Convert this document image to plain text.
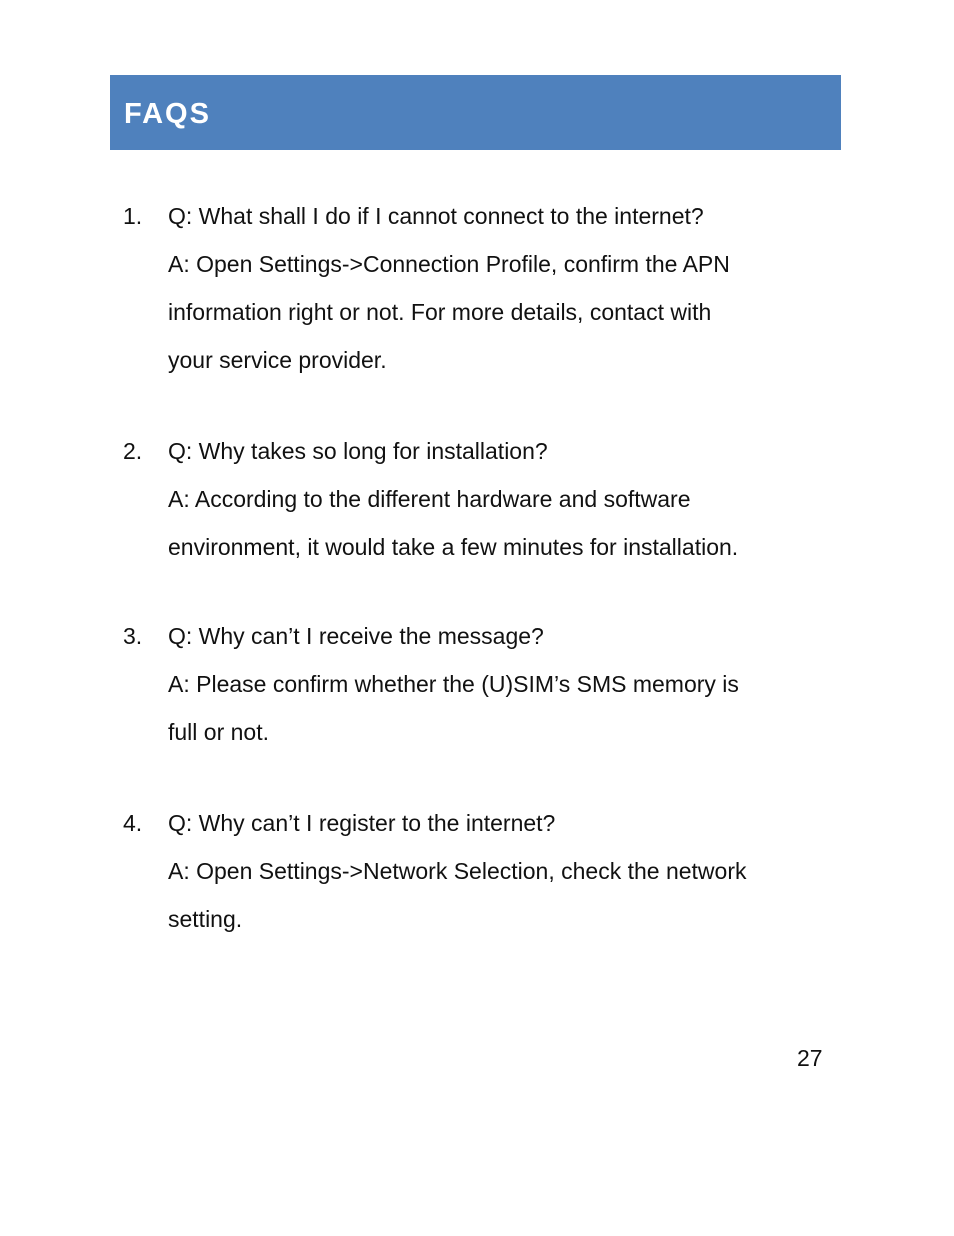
FAQS
1. Q: What shall I do if I cannot connect to the internet?
A: Open Settings->Connection Profile, confirm the APN
information right or not. For more details, contact with
your service provider.
2. Q: Why takes so long for installation?
A: According to the different hardware and software
environment, it would take a few minutes for installation.
3. Q: Why can’t I receive the message?
A: Please confirm whether the (U)SIM’s SMS memory is
full or not.
4. Q: Why can’t I register to the internet?
A: Open Settings->Network Selection, check the network
setting.
27
